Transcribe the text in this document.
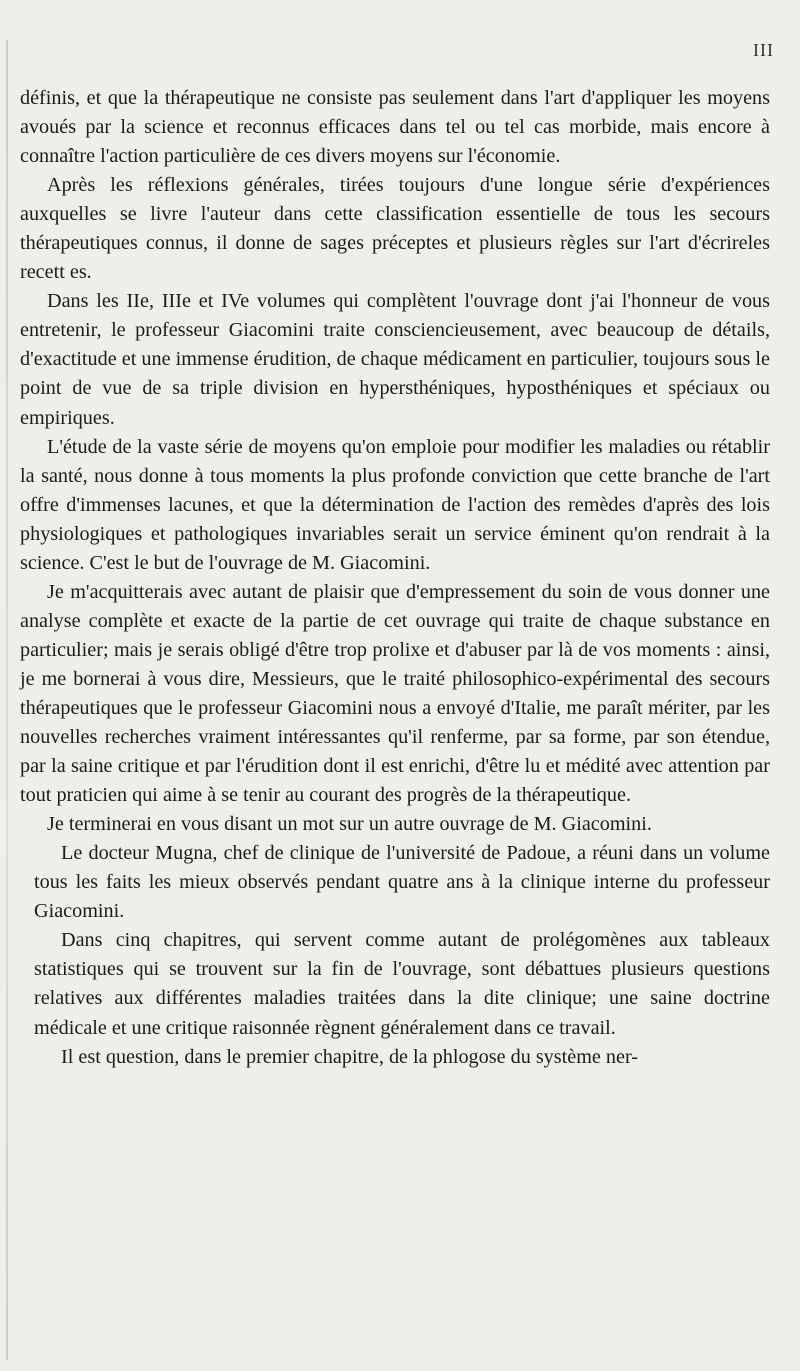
III

définis, et que la thérapeutique ne consiste pas seulement dans l'art d'appliquer les moyens avoués par la science et reconnus efficaces dans tel ou tel cas morbide, mais encore à connaître l'action particulière de ces divers moyens sur l'économie.

Après les réflexions générales, tirées toujours d'une longue série d'expériences auxquelles se livre l'auteur dans cette classification essentielle de tous les secours thérapeutiques connus, il donne de sages préceptes et plusieurs règles sur l'art d'écrireles recett es.

Dans les IIe, IIIe et IVe volumes qui complètent l'ouvrage dont j'ai l'honneur de vous entretenir, le professeur Giacomini traite consciencieusement, avec beaucoup de détails, d'exactitude et une immense érudition, de chaque médicament en particulier, toujours sous le point de vue de sa triple division en hypersthéniques, hyposthéniques et spéciaux ou empiriques.

L'étude de la vaste série de moyens qu'on emploie pour modifier les maladies ou rétablir la santé, nous donne à tous moments la plus profonde conviction que cette branche de l'art offre d'immenses lacunes, et que la détermination de l'action des remèdes d'après des lois physiologiques et pathologiques invariables serait un service éminent qu'on rendrait à la science. C'est le but de l'ouvrage de M. Giacomini.

Je m'acquitterais avec autant de plaisir que d'empressement du soin de vous donner une analyse complète et exacte de la partie de cet ouvrage qui traite de chaque substance en particulier; mais je serais obligé d'être trop prolixe et d'abuser par là de vos moments : ainsi, je me bornerai à vous dire, Messieurs, que le traité philosophico-expérimental des secours thérapeutiques que le professeur Giacomini nous a envoyé d'Italie, me paraît mériter, par les nouvelles recherches vraiment intéressantes qu'il renferme, par sa forme, par son étendue, par la saine critique et par l'érudition dont il est enrichi, d'être lu et médité avec attention par tout praticien qui aime à se tenir au courant des progrès de la thérapeutique.

Je terminerai en vous disant un mot sur un autre ouvrage de M. Giacomini.

Le docteur Mugna, chef de clinique de l'université de Padoue, a réuni dans un volume tous les faits les mieux observés pendant quatre ans à la clinique interne du professeur Giacomini.

Dans cinq chapitres, qui servent comme autant de prolégomènes aux tableaux statistiques qui se trouvent sur la fin de l'ouvrage, sont débattues plusieurs questions relatives aux différentes maladies traitées dans la dite clinique; une saine doctrine médicale et une critique raisonnée règnent généralement dans ce travail.

Il est question, dans le premier chapitre, de la phlogose du système ner-
